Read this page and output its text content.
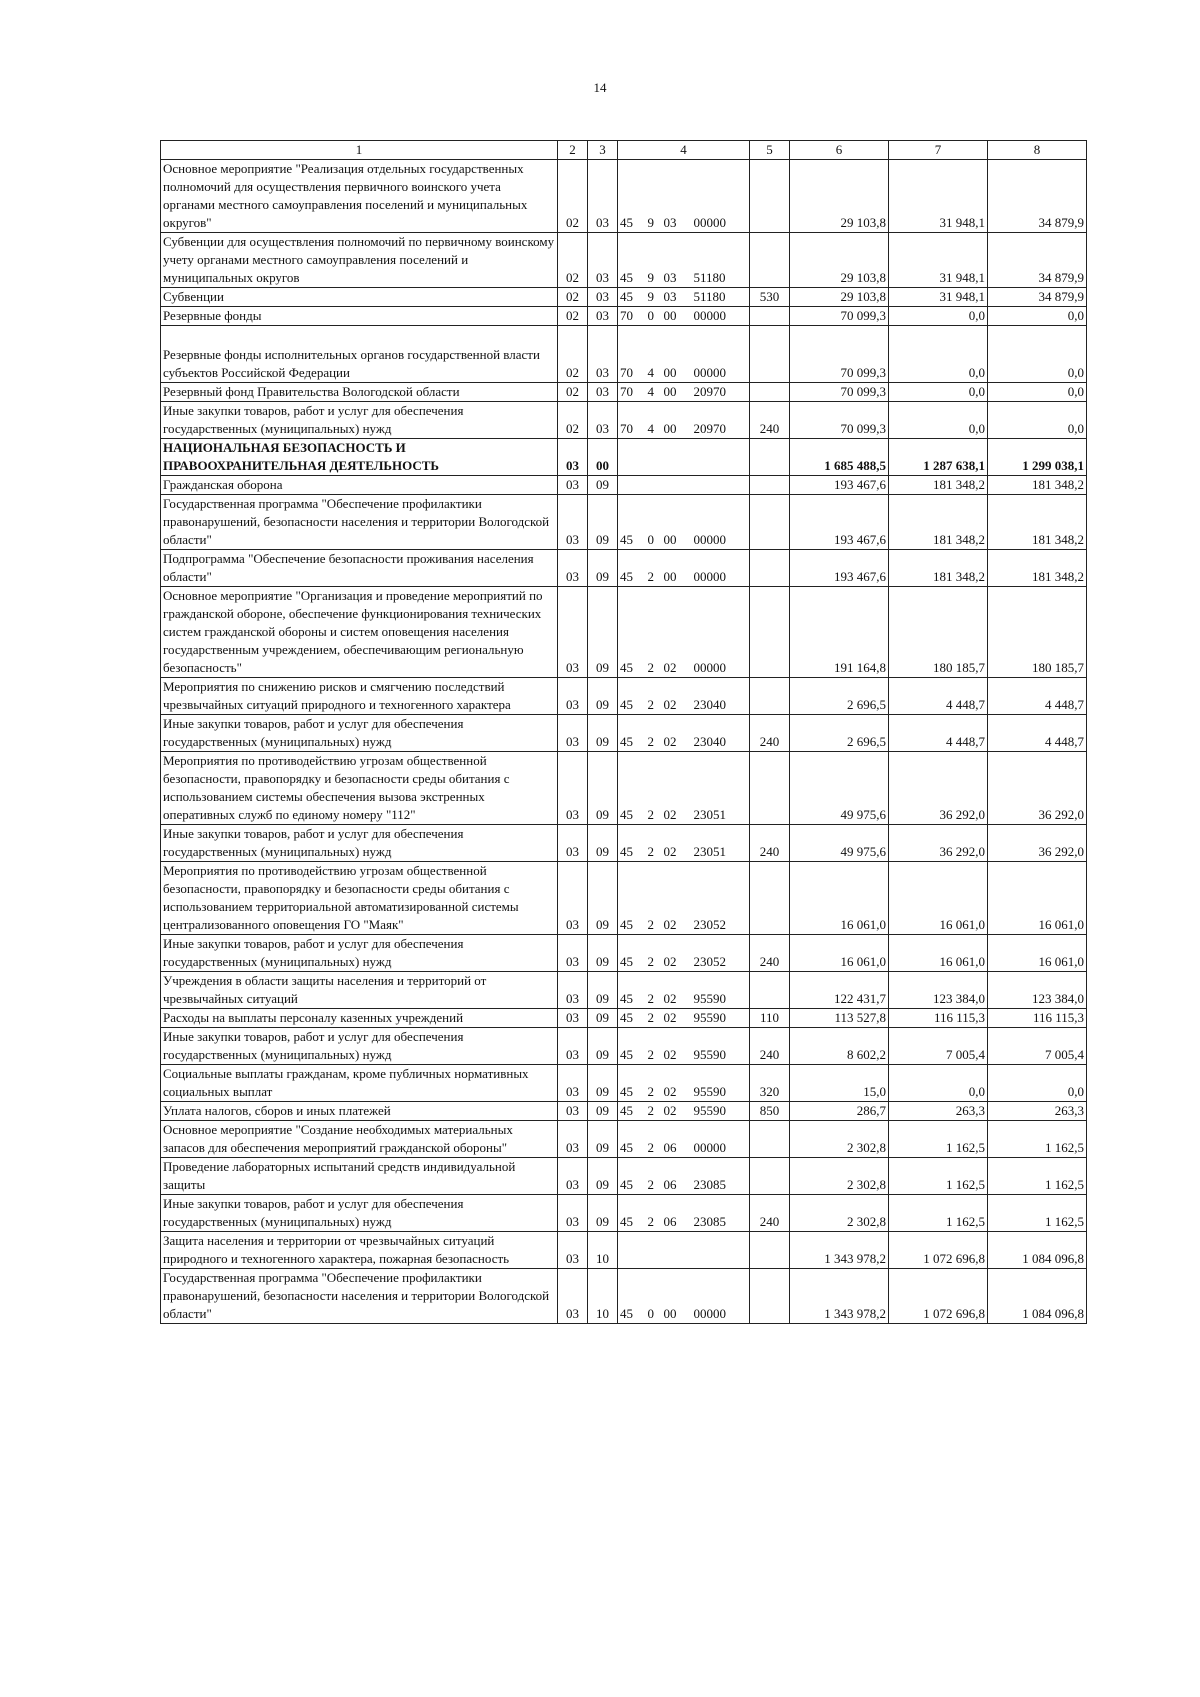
14
1	2	3	4				5	6	7	8
Основное мероприятие "Реализация отдельных государственных полномочий для осуществления первичного воинского учета органами местного самоуправления поселений и муниципальных округов"	02	03	45	9	03	00000		29 103,8	31 948,1	34 879,9
Субвенции для осуществления полномочий по первичному воинскому учету органами местного самоуправления поселений и муниципальных округов	02	03	45	9	03	51180		29 103,8	31 948,1	34 879,9
Субвенции	02	03	45	9	03	51180	530	29 103,8	31 948,1	34 879,9
Резервные фонды	02	03	70	0	00	00000		70 099,3	0,0	0,0
Резервные фонды исполнительных органов государственной власти субъектов Российской Федерации	02	03	70	4	00	00000		70 099,3	0,0	0,0
Резервный фонд Правительства Вологодской области	02	03	70	4	00	20970		70 099,3	0,0	0,0
Иные закупки товаров, работ и услуг для обеспечения государственных (муниципальных) нужд	02	03	70	4	00	20970	240	70 099,3	0,0	0,0
НАЦИОНАЛЬНАЯ БЕЗОПАСНОСТЬ И ПРАВООХРАНИТЕЛЬНАЯ ДЕЯТЕЛЬНОСТЬ	03	00						1 685 488,5	1 287 638,1	1 299 038,1
Гражданская оборона	03	09						193 467,6	181 348,2	181 348,2
Государственная программа "Обеспечение профилактики правонарушений, безопасности населения и территории Вологодской области"	03	09	45	0	00	00000		193 467,6	181 348,2	181 348,2
Подпрограмма "Обеспечение безопасности проживания населения области"	03	09	45	2	00	00000		193 467,6	181 348,2	181 348,2
Основное мероприятие "Организация и проведение мероприятий по гражданской обороне, обеспечение функционирования технических систем гражданской обороны и систем оповещения населения государственным учреждением, обеспечивающим региональную безопасность"	03	09	45	2	02	00000		191 164,8	180 185,7	180 185,7
Мероприятия по снижению рисков и смягчению последствий чрезвычайных ситуаций природного и техногенного характера	03	09	45	2	02	23040		2 696,5	4 448,7	4 448,7
Иные закупки товаров, работ и услуг для обеспечения государственных (муниципальных) нужд	03	09	45	2	02	23040	240	2 696,5	4 448,7	4 448,7
Мероприятия по противодействию угрозам общественной безопасности, правопорядку и безопасности среды обитания с использованием системы обеспечения вызова экстренных оперативных служб по единому номеру "112"	03	09	45	2	02	23051		49 975,6	36 292,0	36 292,0
Иные закупки товаров, работ и услуг для обеспечения государственных (муниципальных) нужд	03	09	45	2	02	23051	240	49 975,6	36 292,0	36 292,0
Мероприятия по противодействию угрозам общественной безопасности, правопорядку и безопасности среды обитания с использованием территориальной автоматизированной системы централизованного оповещения ГО "Маяк"	03	09	45	2	02	23052		16 061,0	16 061,0	16 061,0
Иные закупки товаров, работ и услуг для обеспечения государственных (муниципальных) нужд	03	09	45	2	02	23052	240	16 061,0	16 061,0	16 061,0
Учреждения в области защиты населения и территорий от чрезвычайных ситуаций	03	09	45	2	02	95590		122 431,7	123 384,0	123 384,0
Расходы на выплаты персоналу казенных учреждений	03	09	45	2	02	95590	110	113 527,8	116 115,3	116 115,3
Иные закупки товаров, работ и услуг для обеспечения государственных (муниципальных) нужд	03	09	45	2	02	95590	240	8 602,2	7 005,4	7 005,4
Социальные выплаты гражданам, кроме публичных нормативных социальных выплат	03	09	45	2	02	95590	320	15,0	0,0	0,0
Уплата налогов, сборов и иных платежей	03	09	45	2	02	95590	850	286,7	263,3	263,3
Основное мероприятие "Создание необходимых материальных запасов для обеспечения мероприятий гражданской обороны"	03	09	45	2	06	00000		2 302,8	1 162,5	1 162,5
Проведение лабораторных испытаний средств индивидуальной защиты	03	09	45	2	06	23085		2 302,8	1 162,5	1 162,5
Иные закупки товаров, работ и услуг для обеспечения государственных (муниципальных) нужд	03	09	45	2	06	23085	240	2 302,8	1 162,5	1 162,5
Защита населения и территории от чрезвычайных ситуаций природного и техногенного характера, пожарная безопасность	03	10						1 343 978,2	1 072 696,8	1 084 096,8
Государственная программа "Обеспечение профилактики правонарушений, безопасности населения и территории Вологодской области"	03	10	45	0	00	00000		1 343 978,2	1 072 696,8	1 084 096,8
